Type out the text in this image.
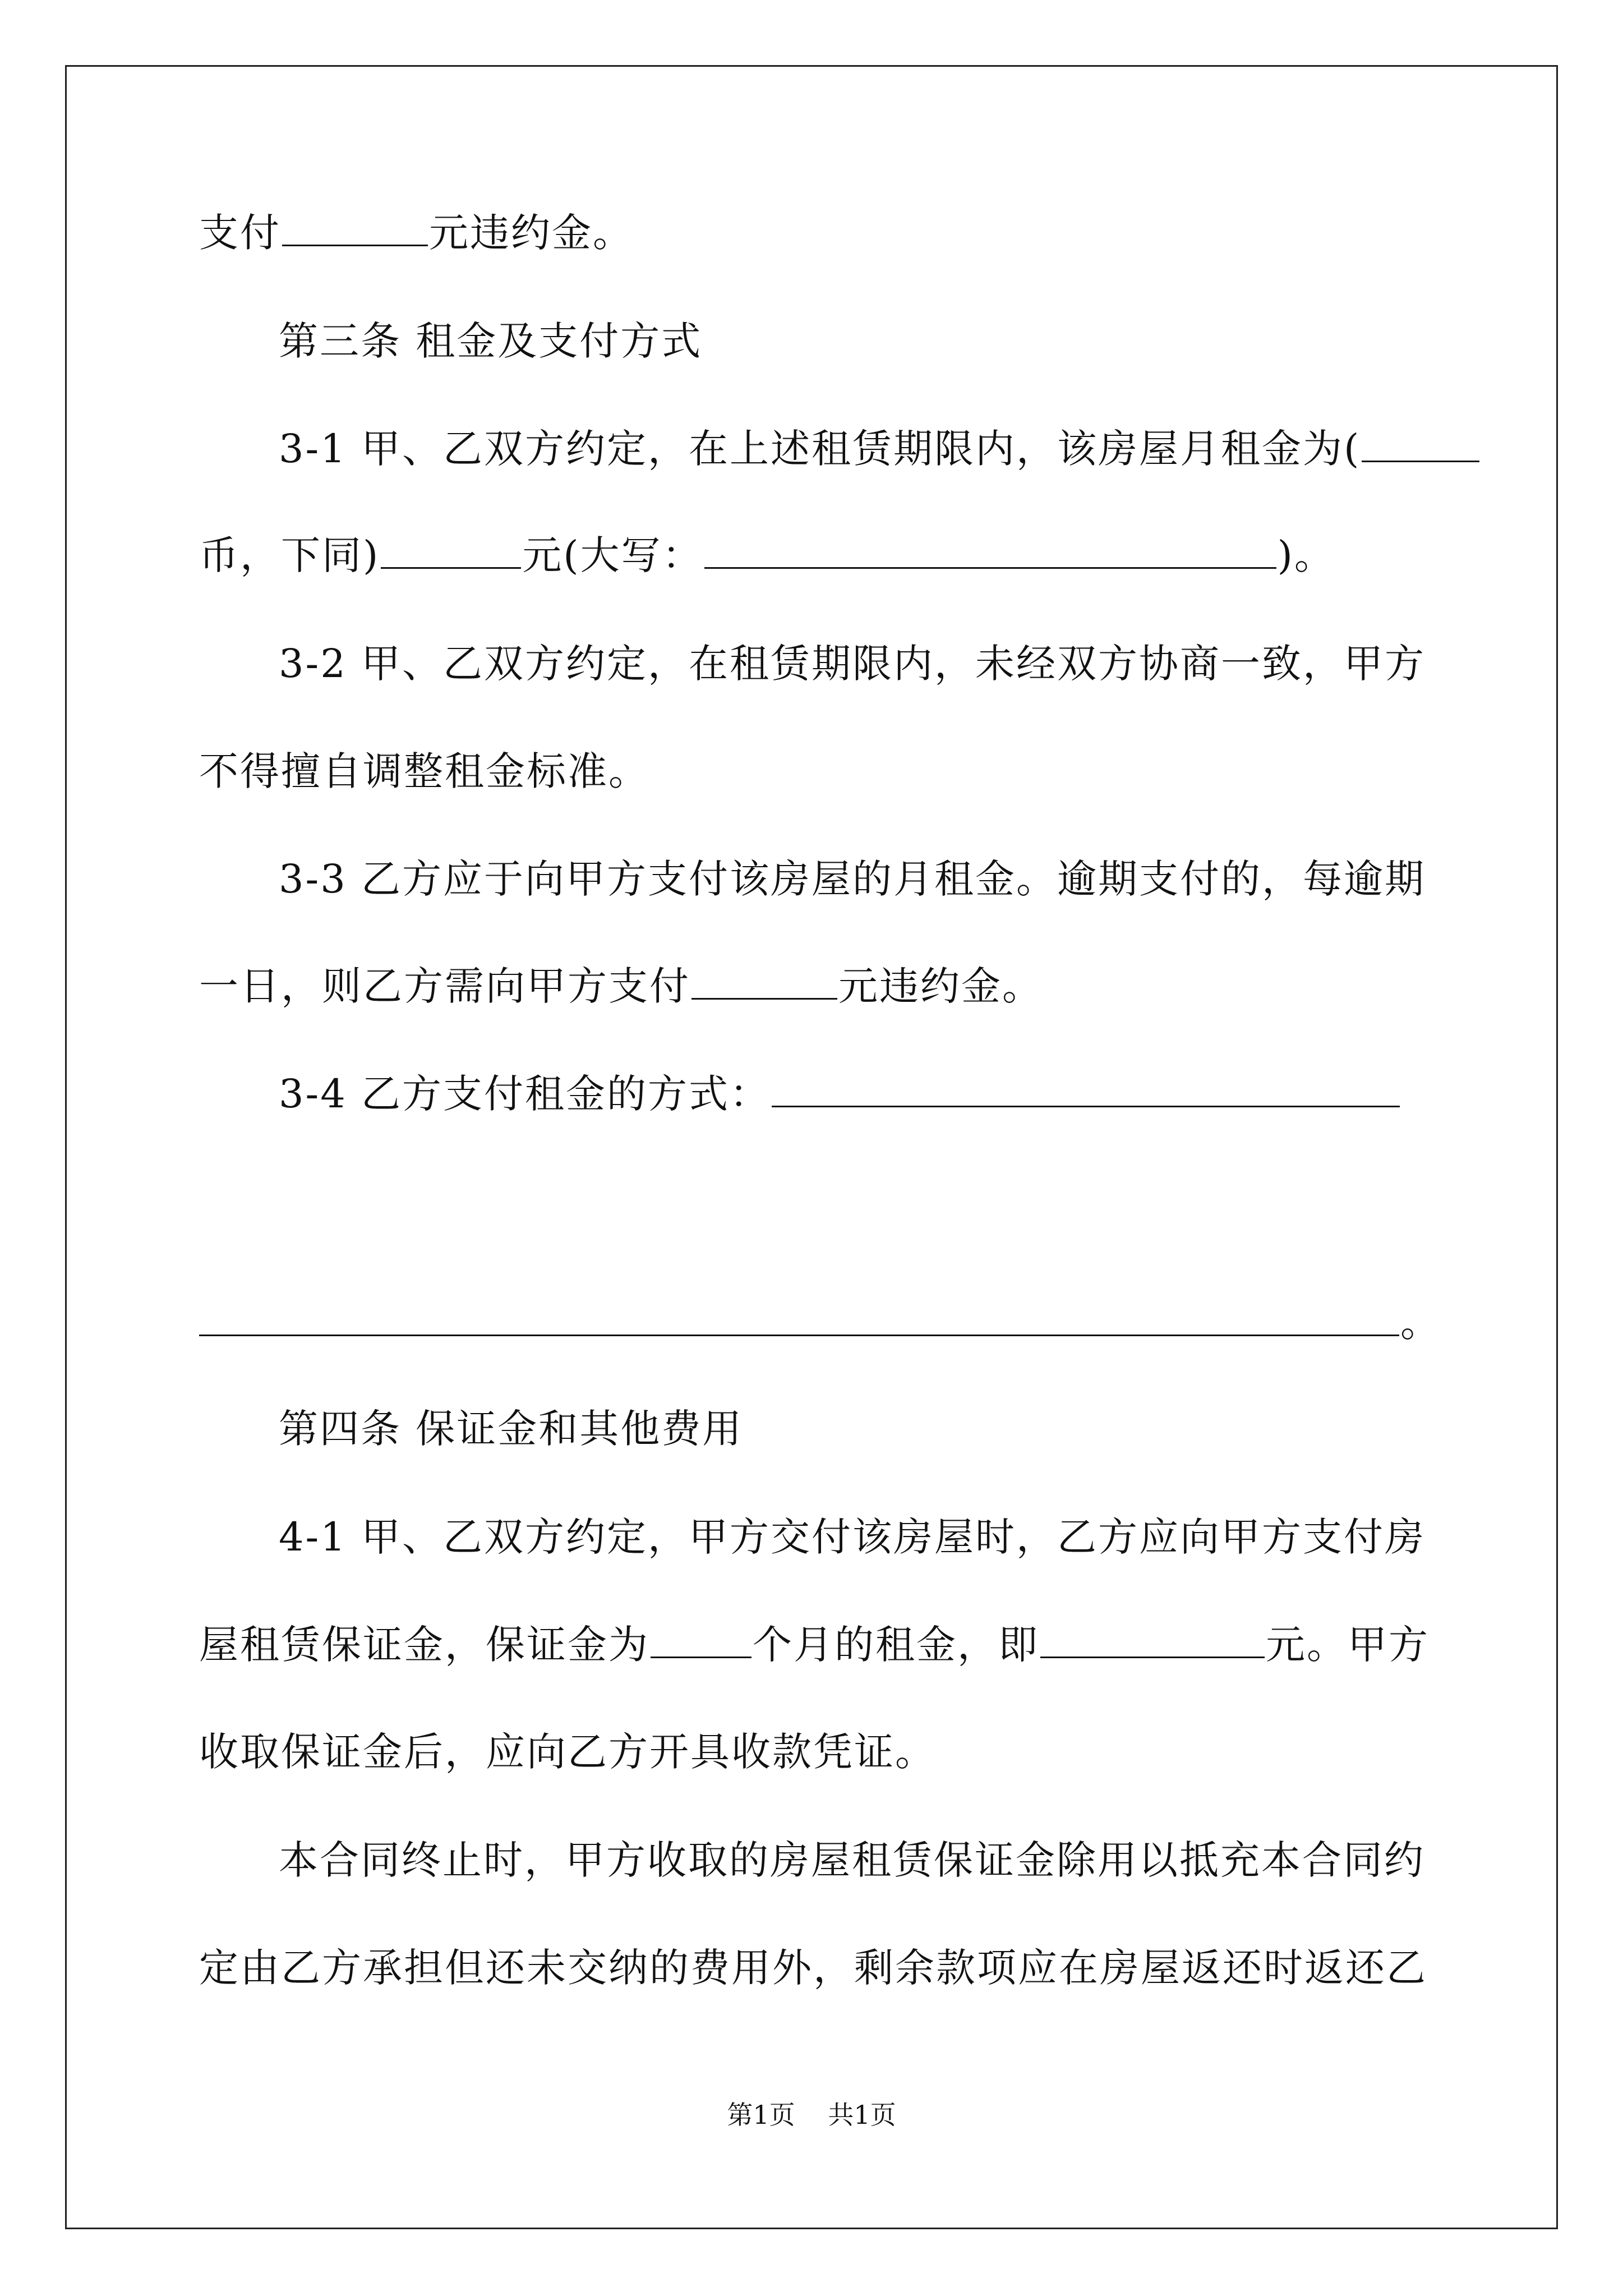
支付	元违约金。

第三条 租金及支付方式

3-1 甲、乙双方约定，在上述租赁期限内，该房屋月租金为(

币，下同)	元(大写：	)。

3-2 甲、乙双方约定，在租赁期限内，未经双方协商一致，甲方

不得擅自调整租金标准。

3-3 乙方应于向甲方支付该房屋的月租金。逾期支付的，每逾期

一日，则乙方需向甲方支付	元违约金。

3-4 乙方支付租金的方式：

。

第四条 保证金和其他费用

4-1 甲、乙双方约定，甲方交付该房屋时，乙方应向甲方支付房

屋租赁保证金，保证金为	个月的租金，即	元。甲方

收取保证金后，应向乙方开具收款凭证。

本合同终止时，甲方收取的房屋租赁保证金除用以抵充本合同约

定由乙方承担但还未交纳的费用外，剩余款项应在房屋返还时返还乙

第1页 共1页
